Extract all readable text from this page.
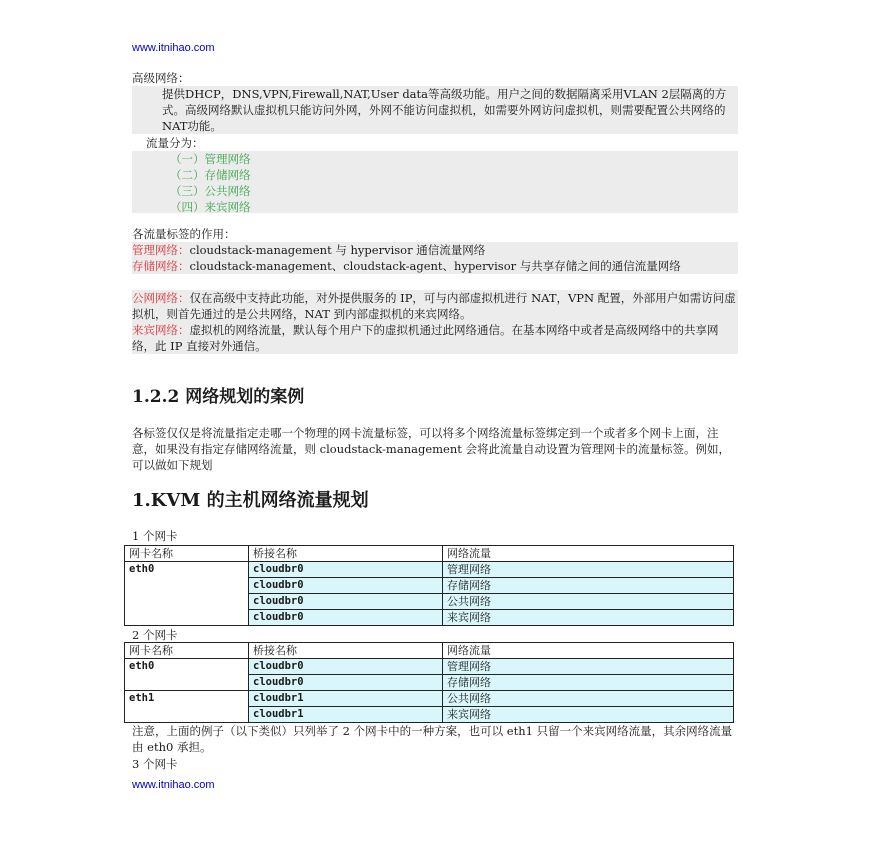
www.itnihao.com
高级网络：
提供DHCP，DNS,VPN,Firewall,NAT,User data等高级功能。用户之间的数据隔离采用VLAN 2层隔离的方式。高级网络默认虚拟机只能访问外网，外网不能访问虚拟机，如需要外网访问虚拟机，则需要配置公共网络的NAT功能。
流量分为：
（一）管理网络
（二）存储网络
（三）公共网络
（四）来宾网络
各流量标签的作用：
管理网络：cloudstack-management 与 hypervisor 通信流量网络
存储网络：cloudstack-management、cloudstack-agent、hypervisor 与共享存储之间的通信流量网络
公网网络：仅在高级中支持此功能，对外提供服务的 IP，可与内部虚拟机进行 NAT，VPN 配置，外部用户如需访问虚拟机，则首先通过的是公共网络，NAT 到内部虚拟机的来宾网络。
来宾网络：虚拟机的网络流量，默认每个用户下的虚拟机通过此网络通信。在基本网络中或者是高级网络中的共享网络，此 IP 直接对外通信。
1.2.2 网络规划的案例
各标签仅仅是将流量指定走哪一个物理的网卡流量标签，可以将多个网络流量标签绑定到一个或者多个网卡上面，注意，如果没有指定存储网络流量，则 cloudstack-management 会将此流量自动设置为管理网卡的流量标签。例如，可以做如下规划
1.KVM 的主机网络流量规划
1 个网卡
网卡名称	桥接名称	网络流量
eth0	cloudbr0	管理网络
	cloudbr0	存储网络
	cloudbr0	公共网络
	cloudbr0	来宾网络
2 个网卡
网卡名称	桥接名称	网络流量
eth0	cloudbr0	管理网络
	cloudbr0	存储网络
eth1	cloudbr1	公共网络
	cloudbr1	来宾网络
注意，上面的例子（以下类似）只列举了 2 个网卡中的一种方案，也可以 eth1 只留一个来宾网络流量，其余网络流量由 eth0 承担。
3 个网卡
www.itnihao.com
